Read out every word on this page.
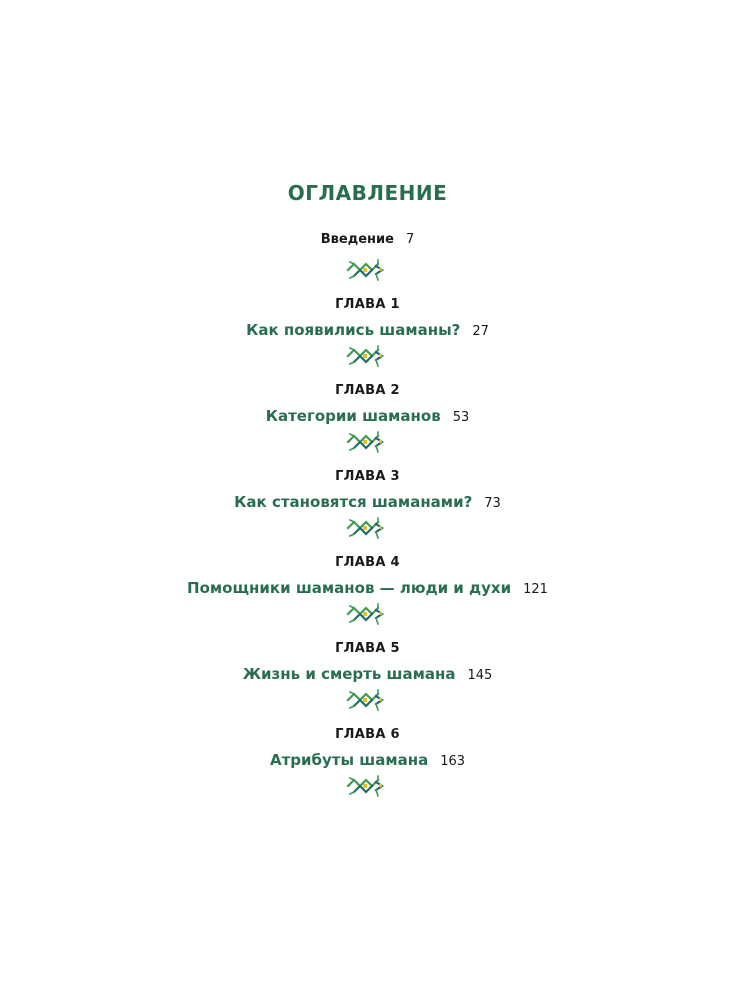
ОГЛАВЛЕНИЕ
Введение 7
ГЛАВА 1
Как появились шаманы? 27
ГЛАВА 2
Категории шаманов 53
ГЛАВА 3
Как становятся шаманами? 73
ГЛАВА 4
Помощники шаманов — люди и духи 121
ГЛАВА 5
Жизнь и смерть шамана 145
ГЛАВА 6
Атрибуты шамана 163
